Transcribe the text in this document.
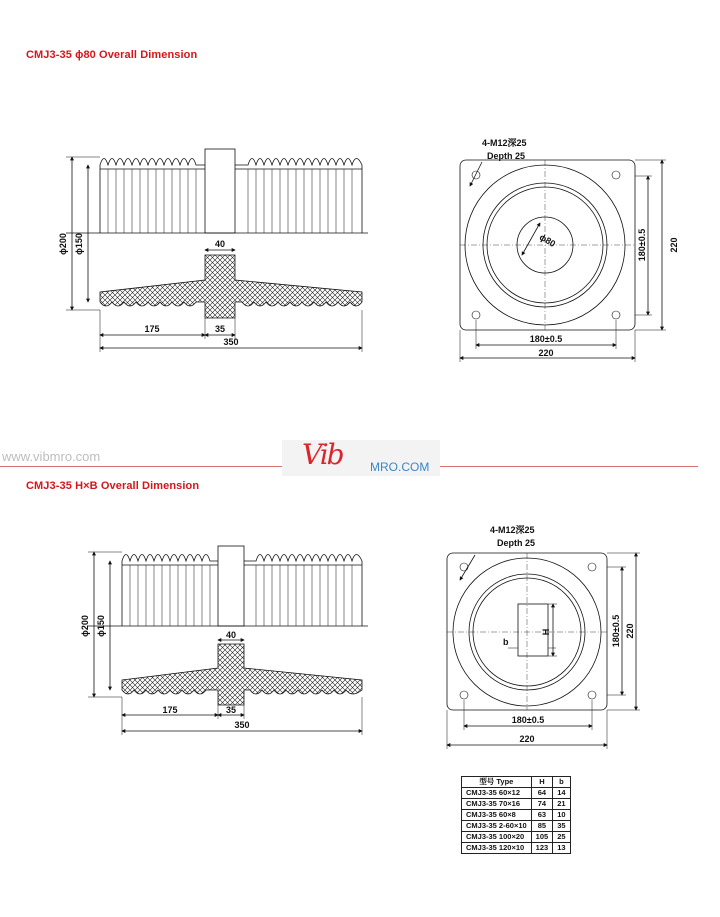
CMJ3-35 ϕ80 Overall Dimension
CMJ3-35 H×B Overall Dimension
www.vibmro.com	Vib MRO.COM
ϕ200 ϕ150	40
175	35
350
4-M12深25
Depth 25
ϕ80	180±0.5 220
180±0.5
220
ϕ200 ϕ150	40
175	35
350
4-M12深25
Depth 25
b
H	180±0.5 220
180±0.5
220
型号 Type	H	b
CMJ3-35 60×12	64	14
CMJ3-35 70×16	74	21
CMJ3-35 60×8	63	10
CMJ3-35 2-60×10	85	35
CMJ3-35 100×20	105	25
CMJ3-35 120×10	123	13
